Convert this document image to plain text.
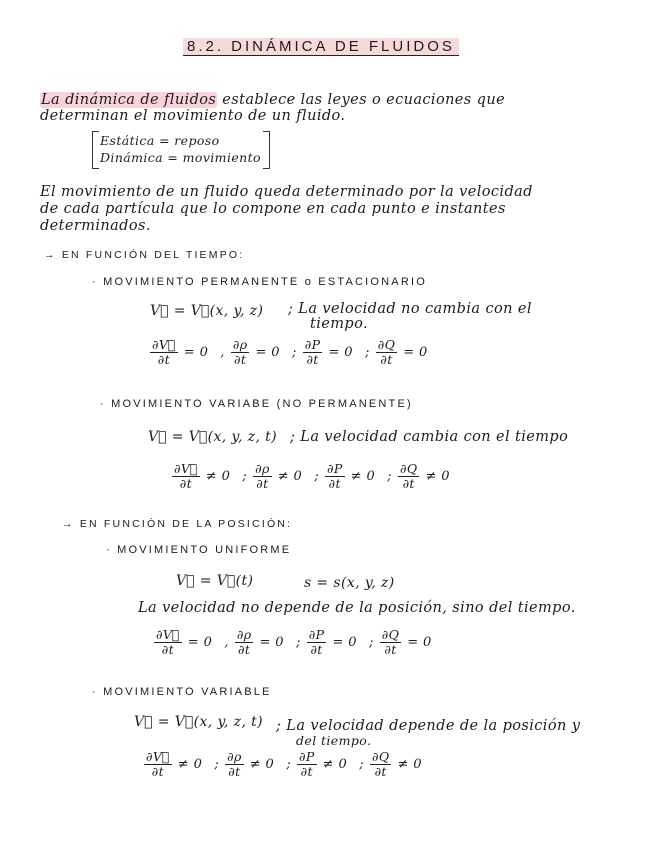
8.2. DINÁMICA DE FLUIDOS
La dinámica de fluidos establece las leyes o ecuaciones que
determinan el movimiento de un fluido.
Estática = reposo
Dinámica = movimiento
El movimiento de un fluido queda determinado por la velocidad
de cada partícula que lo compone en cada punto e instantes
determinados.
→ EN FUNCIÓN DEL TIEMPO:
· MOVIMIENTO PERMANENTE o ESTACIONARIO
V⃗ = V⃗(x, y, z) ; La velocidad no cambia con el
tiempo.
$\frac{\partial V⃗}{\partial t} = 0$ , $\frac{\partial\rho}{\partial t} = 0$ ; $\frac{\partial P}{\partial t} = 0$ ; $\frac{\partial Q}{\partial t} = 0$
· MOVIMIENTO VARIABE (NO PERMANENTE)
V⃗ = V⃗(x, y, z, t) ; La velocidad cambia con el tiempo
$\frac{\partial V⃗}{\partial t} \ne 0$ ; $\frac{\partial\rho}{\partial t} \ne 0$ ; $\frac{\partial P}{\partial t} \ne 0$ ; $\frac{\partial Q}{\partial t} \ne 0$
→ EN FUNCIÓN DE LA POSICIÓN:
· MOVIMIENTO UNIFORME
V⃗ = V⃗(t)	s = s(x, y, z)
La velocidad no depende de la posición, sino del tiempo.
$\frac{\partial V⃗}{\partial t} = 0$ , $\frac{\partial\rho}{\partial t} = 0$ ; $\frac{\partial P}{\partial t} = 0$ ; $\frac{\partial Q}{\partial t} = 0$
· MOVIMIENTO VARIABLE
V⃗ = V⃗(x, y, z, t) ; La velocidad depende de la posición y
del tiempo.
$\frac{\partial V⃗}{\partial t} \ne 0$ ; $\frac{\partial\rho}{\partial t} \ne 0$ ; $\frac{\partial P}{\partial t} \ne 0$ ; $\frac{\partial Q}{\partial t} \ne 0$
